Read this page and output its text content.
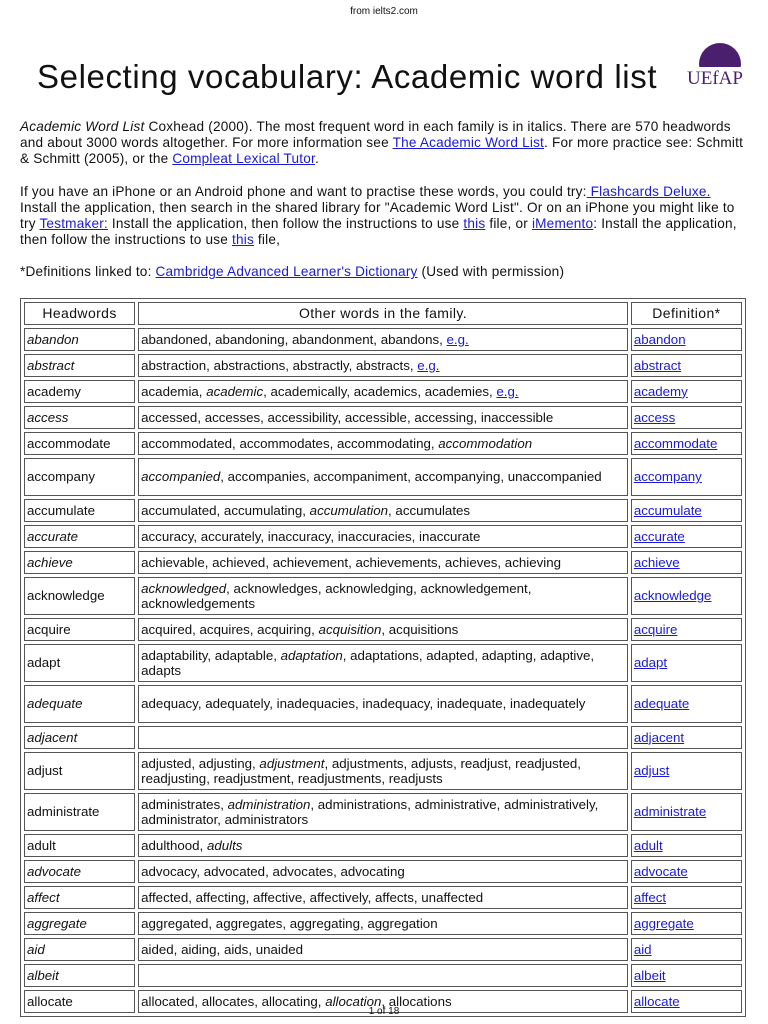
from ielts2.com
Selecting vocabulary: Academic word list UEfAP

Academic Word List Coxhead (2000). The most frequent word in each family is in italics. There are 570 headwords and about 3000 words altogether. For more information see The Academic Word List. For more practice see: Schmitt & Schmitt (2005), or the Compleat Lexical Tutor.

If you have an iPhone or an Android phone and want to practise these words, you could try: Flashcards Deluxe. Install the application, then search in the shared library for "Academic Word List". Or on an iPhone you might like to try Testmaker: Install the application, then follow the instructions to use this file, or iMemento: Install the application, then follow the instructions to use this file,

*Definitions linked to: Cambridge Advanced Learner's Dictionary (Used with permission)

Headwords	Other words in the family.	Definition*
abandon	abandoned, abandoning, abandonment, abandons, e.g.	abandon
abstract	abstraction, abstractions, abstractly, abstracts, e.g.	abstract
academy	academia, academic, academically, academics, academies, e.g.	academy
access	accessed, accesses, accessibility, accessible, accessing, inaccessible	access
accommodate	accommodated, accommodates, accommodating, accommodation	accommodate
accompany	accompanied, accompanies, accompaniment, accompanying, unaccompanied	accompany
accumulate	accumulated, accumulating, accumulation, accumulates	accumulate
accurate	accuracy, accurately, inaccuracy, inaccuracies, inaccurate	accurate
achieve	achievable, achieved, achievement, achievements, achieves, achieving	achieve
acknowledge	acknowledged, acknowledges, acknowledging, acknowledgement, acknowledgements	acknowledge
acquire	acquired, acquires, acquiring, acquisition, acquisitions	acquire
adapt	adaptability, adaptable, adaptation, adaptations, adapted, adapting, adaptive, adapts	adapt
adequate	adequacy, adequately, inadequacies, inadequacy, inadequate, inadequately	adequate
adjacent		adjacent
adjust	adjusted, adjusting, adjustment, adjustments, adjusts, readjust, readjusted, readjusting, readjustment, readjustments, readjusts	adjust
administrate	administrates, administration, administrations, administrative, administratively, administrator, administrators	administrate
adult	adulthood, adults	adult
advocate	advocacy, advocated, advocates, advocating	advocate
affect	affected, affecting, affective, affectively, affects, unaffected	affect
aggregate	aggregated, aggregates, aggregating, aggregation	aggregate
aid	aided, aiding, aids, unaided	aid
albeit		albeit
allocate	allocated, allocates, allocating, allocation, allocations	allocate
1 of 18
